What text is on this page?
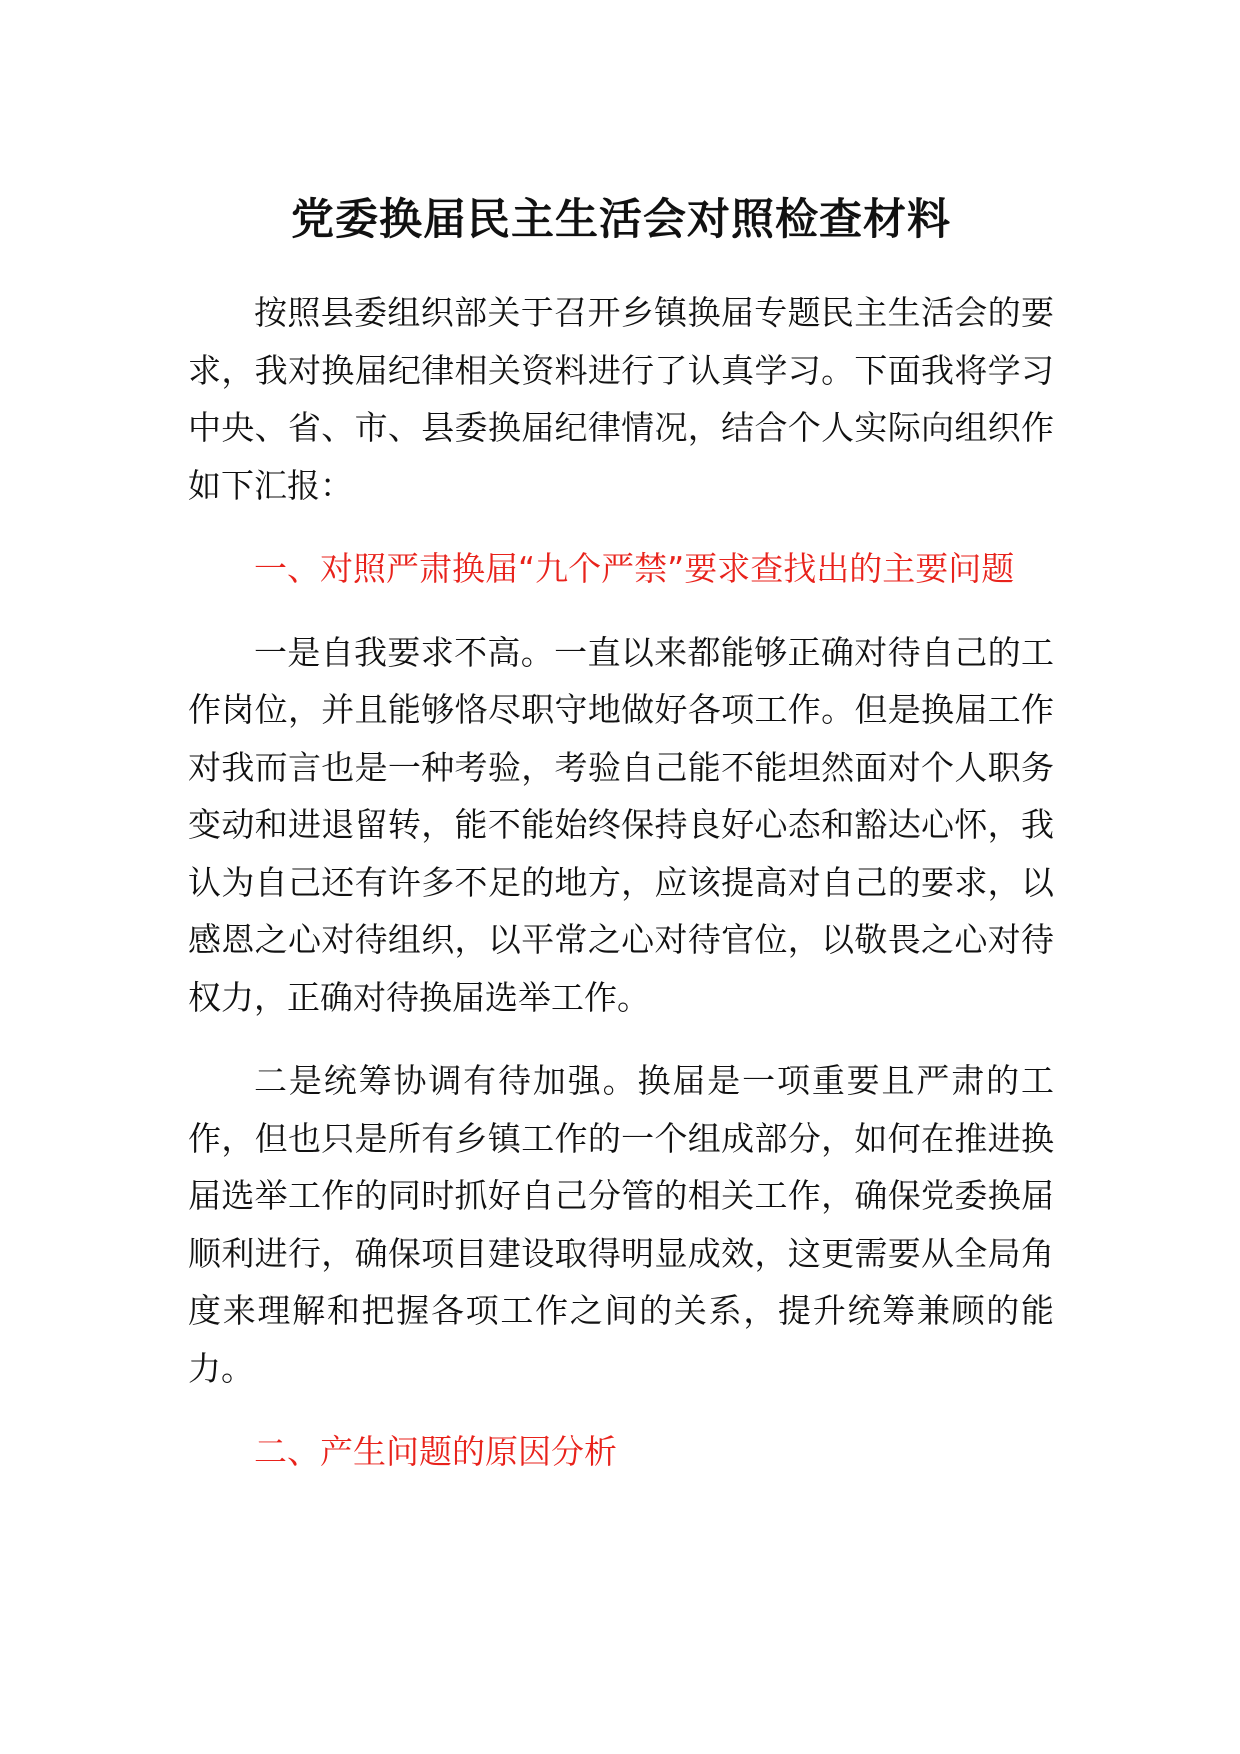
党委换届民主生活会对照检查材料

按照县委组织部关于召开乡镇换届专题民主生活会的要求，我对换届纪律相关资料进行了认真学习。下面我将学习中央、省、市、县委换届纪律情况，结合个人实际向组织作如下汇报：

一、对照严肃换届“九个严禁”要求查找出的主要问题

一是自我要求不高。一直以来都能够正确对待自己的工作岗位，并且能够恪尽职守地做好各项工作。但是换届工作对我而言也是一种考验，考验自己能不能坦然面对个人职务变动和进退留转，能不能始终保持良好心态和豁达心怀，我认为自己还有许多不足的地方，应该提高对自己的要求，以感恩之心对待组织，以平常之心对待官位，以敬畏之心对待权力，正确对待换届选举工作。

二是统筹协调有待加强。换届是一项重要且严肃的工作，但也只是所有乡镇工作的一个组成部分，如何在推进换届选举工作的同时抓好自己分管的相关工作，确保党委换届顺利进行，确保项目建设取得明显成效，这更需要从全局角度来理解和把握各项工作之间的关系，提升统筹兼顾的能力。

二、产生问题的原因分析
